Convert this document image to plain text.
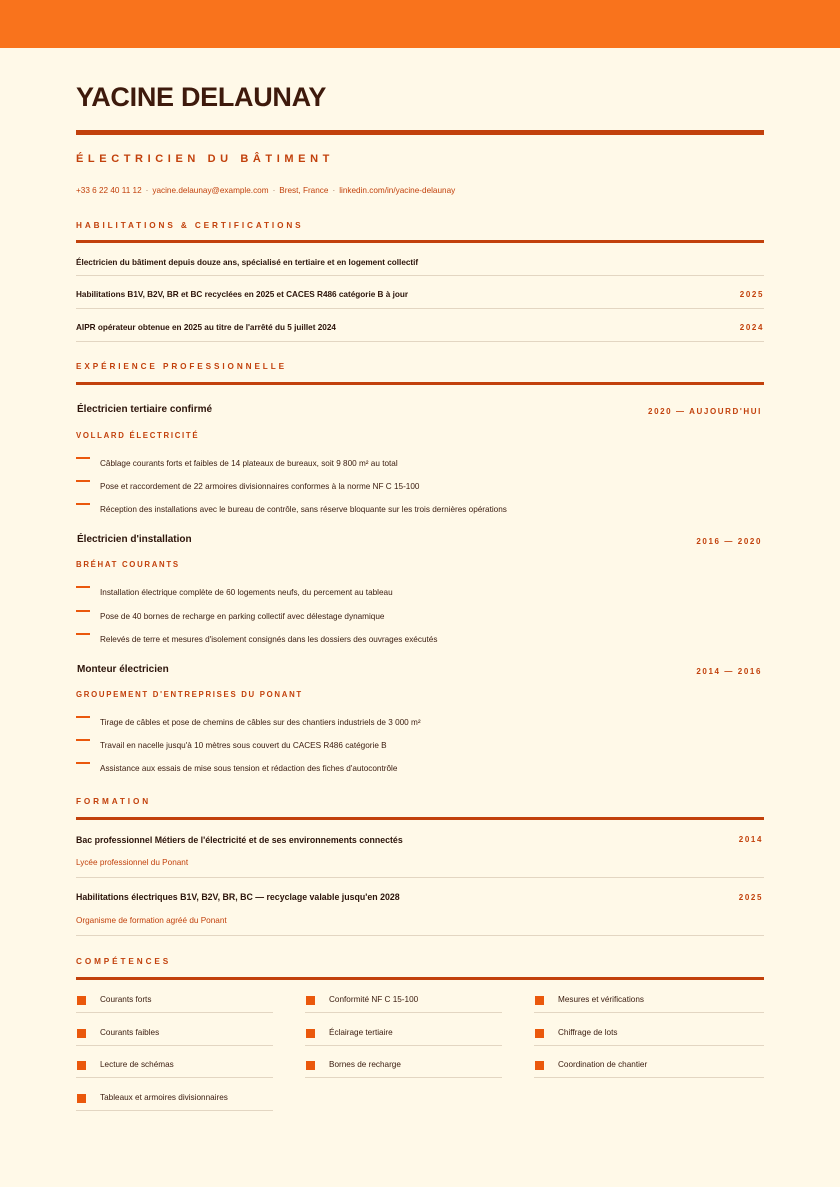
YACINE DELAUNAY
ÉLECTRICIEN DU BÂTIMENT
+33 6 22 40 11 12 · yacine.delaunay@example.com · Brest, France · linkedin.com/in/yacine-delaunay
HABILITATIONS & CERTIFICATIONS
Électricien du bâtiment depuis douze ans, spécialisé en tertiaire et en logement collectif
Habilitations B1V, B2V, BR et BC recyclées en 2025 et CACES R486 catégorie B à jour	2025
AIPR opérateur obtenue en 2025 au titre de l'arrêté du 5 juillet 2024	2024
EXPÉRIENCE PROFESSIONNELLE
Électricien tertiaire confirmé	2020 — AUJOURD'HUI
VOLLARD ÉLECTRICITÉ
Câblage courants forts et faibles de 14 plateaux de bureaux, soit 9 800 m² au total
Pose et raccordement de 22 armoires divisionnaires conformes à la norme NF C 15-100
Réception des installations avec le bureau de contrôle, sans réserve bloquante sur les trois dernières opérations
Électricien d'installation	2016 — 2020
BRÉHAT COURANTS
Installation électrique complète de 60 logements neufs, du percement au tableau
Pose de 40 bornes de recharge en parking collectif avec délestage dynamique
Relevés de terre et mesures d'isolement consignés dans les dossiers des ouvrages exécutés
Monteur électricien	2014 — 2016
GROUPEMENT D'ENTREPRISES DU PONANT
Tirage de câbles et pose de chemins de câbles sur des chantiers industriels de 3 000 m²
Travail en nacelle jusqu'à 10 mètres sous couvert du CACES R486 catégorie B
Assistance aux essais de mise sous tension et rédaction des fiches d'autocontrôle
FORMATION
Bac professionnel Métiers de l'électricité et de ses environnements connectés	2014
Lycée professionnel du Ponant
Habilitations électriques B1V, B2V, BR, BC — recyclage valable jusqu'en 2028	2025
Organisme de formation agréé du Ponant
COMPÉTENCES
Courants forts	Conformité NF C 15-100	Mesures et vérifications
Courants faibles	Éclairage tertiaire	Chiffrage de lots
Lecture de schémas	Bornes de recharge	Coordination de chantier
Tableaux et armoires divisionnaires
